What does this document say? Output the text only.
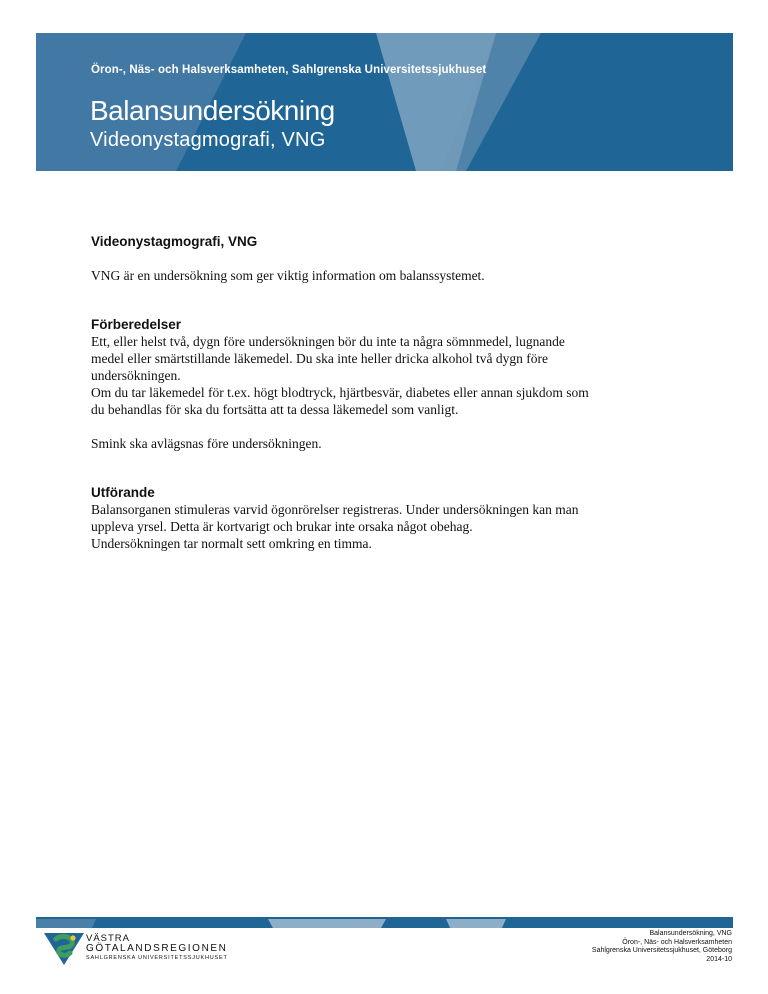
Öron-, Näs- och Halsverksamheten, Sahlgrenska Universitetssjukhuset
Balansundersökning
Videonystagmografi, VNG
Videonystagmografi, VNG

VNG är en undersökning som ger viktig information om balanssystemet.

Förberedelser

Ett, eller helst två, dygn före undersökningen bör du inte ta några sömnmedel, lugnande

medel eller smärtstillande läkemedel. Du ska inte heller dricka alkohol två dygn före

undersökningen.

Om du tar läkemedel för t.ex. högt blodtryck, hjärtbesvär, diabetes eller annan sjukdom som

du behandlas för ska du fortsätta att ta dessa läkemedel som vanligt.

Smink ska avlägsnas före undersökningen.

Utförande

Balansorganen stimuleras varvid ögonrörelser registreras. Under undersökningen kan man

uppleva yrsel. Detta är kortvarigt och brukar inte orsaka något obehag.

Undersökningen tar normalt sett omkring en timma.

VÄSTRA
GÖTALANDSREGIONEN
SAHLGRENSKA UNIVERSITETSSJUKHUSET
Balansundersökning, VNG
Öron-, Näs- och Halsverksamheten
Sahlgrenska Universitetssjukhuset, Göteborg
2014-10
